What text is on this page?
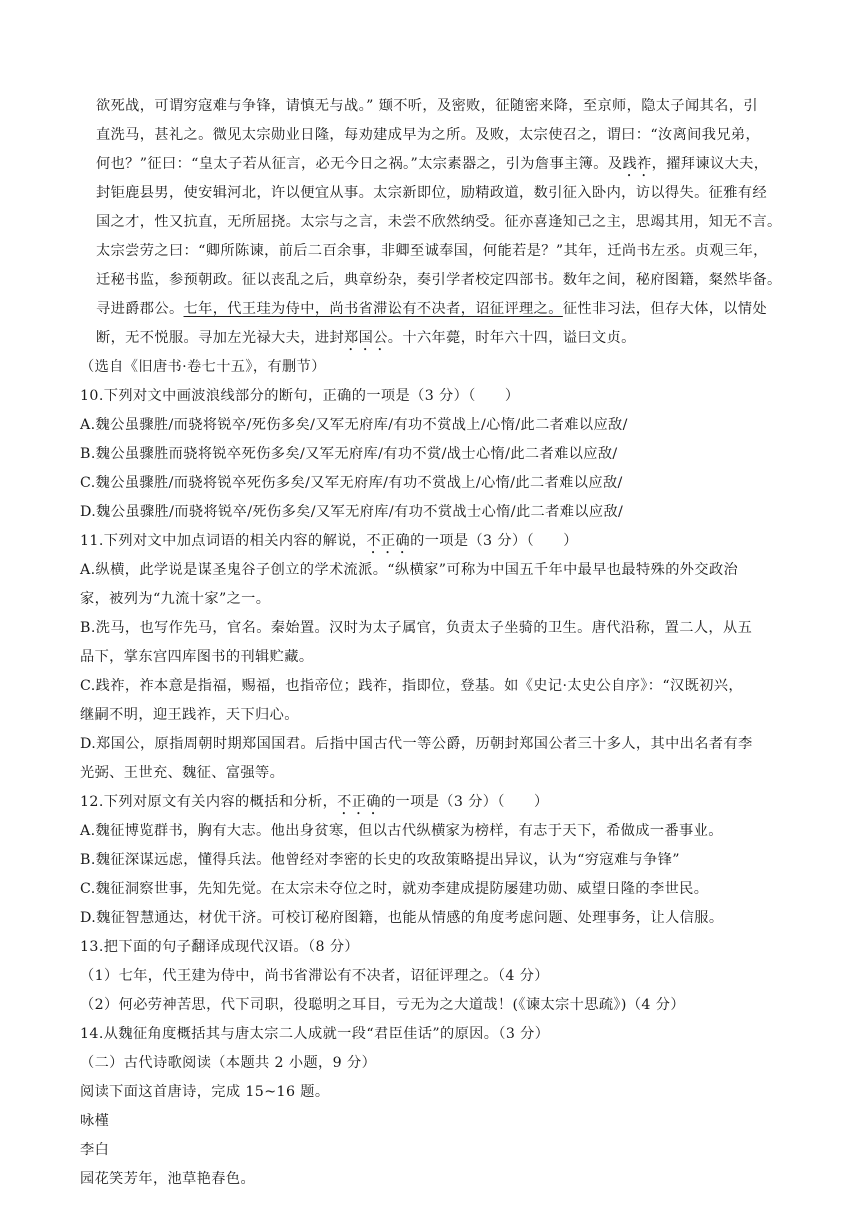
欲死战，可谓穷寇难与争锋，请慎无与战。” 颋不听，及密败，征随密来降，至京师，隐太子闻其名，引
直洗马，甚礼之。微见太宗勋业日隆，每劝建成早为之所。及败，太宗使召之，谓曰：“汝离间我兄弟，
何也？”征曰：“皇太子若从征言，必无今日之祸。”太宗素器之，引为詹事主簿。及践祚，擢拜谏议大夫，
封钜鹿县男，使安辑河北，许以便宜从事。太宗新即位，励精政道，数引征入卧内，访以得失。征雅有经
国之才，性又抗直，无所屈挠。太宗与之言，未尝不欣然纳受。征亦喜逢知己之主，思竭其用，知无不言。
太宗尝劳之曰：“卿所陈谏，前后二百余事，非卿至诚奉国，何能若是？”其年，迁尚书左丞。贞观三年，
迁秘书监，参预朝政。征以丧乱之后，典章纷杂，奏引学者校定四部书。数年之间，秘府图籍，粲然毕备。
寻进爵郡公。七年，代王珪为侍中，尚书省滞讼有不决者，诏征评理之。征性非习法，但存大体，以情处
断，无不悦服。寻加左光禄大夫，进封郑国公。十六年薨，时年六十四，谥曰文贞。
（选自《旧唐书·卷七十五》，有删节）
10.下列对文中画波浪线部分的断句，正确的一项是（3 分）（　　）
A.魏公虽骤胜/而骁将锐卒/死伤多矣/又军无府库/有功不赏战上/心惰/此二者难以应敌/
B.魏公虽骤胜而骁将锐卒死伤多矣/又军无府库/有功不赏/战士心惰/此二者难以应敌/
C.魏公虽骤胜/而骁将锐卒死伤多矣/又军无府库/有功不赏战上/心惰/此二者难以应敌/
D.魏公虽骤胜/而骁将锐卒/死伤多矣/又军无府库/有功不赏战士心惰/此二者难以应敌/
11.下列对文中加点词语的相关内容的解说，不正确的一项是（3 分）（　　）
A.纵横，此学说是谋圣鬼谷子创立的学术流派。“纵横家”可称为中国五千年中最早也最特殊的外交政治
家，被列为“九流十家”之一。
B.洗马，也写作先马，官名。秦始置。汉时为太子属官，负责太子坐骑的卫生。唐代沿称，置二人，从五
品下，掌东宫四库图书的刊辑贮藏。
C.践祚，祚本意是指福，赐福，也指帝位；践祚，指即位，登基。如《史记·太史公自序》：“汉既初兴，
继嗣不明，迎王践祚，天下归心。
D.郑国公，原指周朝时期郑国国君。后指中国古代一等公爵，历朝封郑国公者三十多人，其中出名者有李
光弼、王世充、魏征、富强等。
12.下列对原文有关内容的概括和分析，不正确的一项是（3 分）（　　）
A.魏征博览群书，胸有大志。他出身贫寒，但以古代纵横家为榜样，有志于天下，希做成一番事业。
B.魏征深谋远虑，懂得兵法。他曾经对李密的长史的攻敌策略提出异议，认为“穷寇难与争锋”
C.魏征洞察世事，先知先觉。在太宗未夺位之时，就劝李建成提防屡建功勋、威望日隆的李世民。
D.魏征智慧通达，材优干济。可校订秘府图籍，也能从情感的角度考虑问题、处理事务，让人信服。
13.把下面的句子翻译成现代汉语。（8 分）
（1）七年，代王建为侍中，尚书省滞讼有不决者，诏征评理之。（4 分）
（2）何必劳神苦思，代下司职，役聪明之耳目，亏无为之大道哉！(《谏太宗十思疏》)（4 分）
14.从魏征角度概括其与唐太宗二人成就一段“君臣佳话”的原因。（3 分）
（二）古代诗歌阅读（本题共 2 小题，9 分）
阅读下面这首唐诗，完成 15~16 题。
咏槿
李白
园花笑芳年，池草艳春色。
